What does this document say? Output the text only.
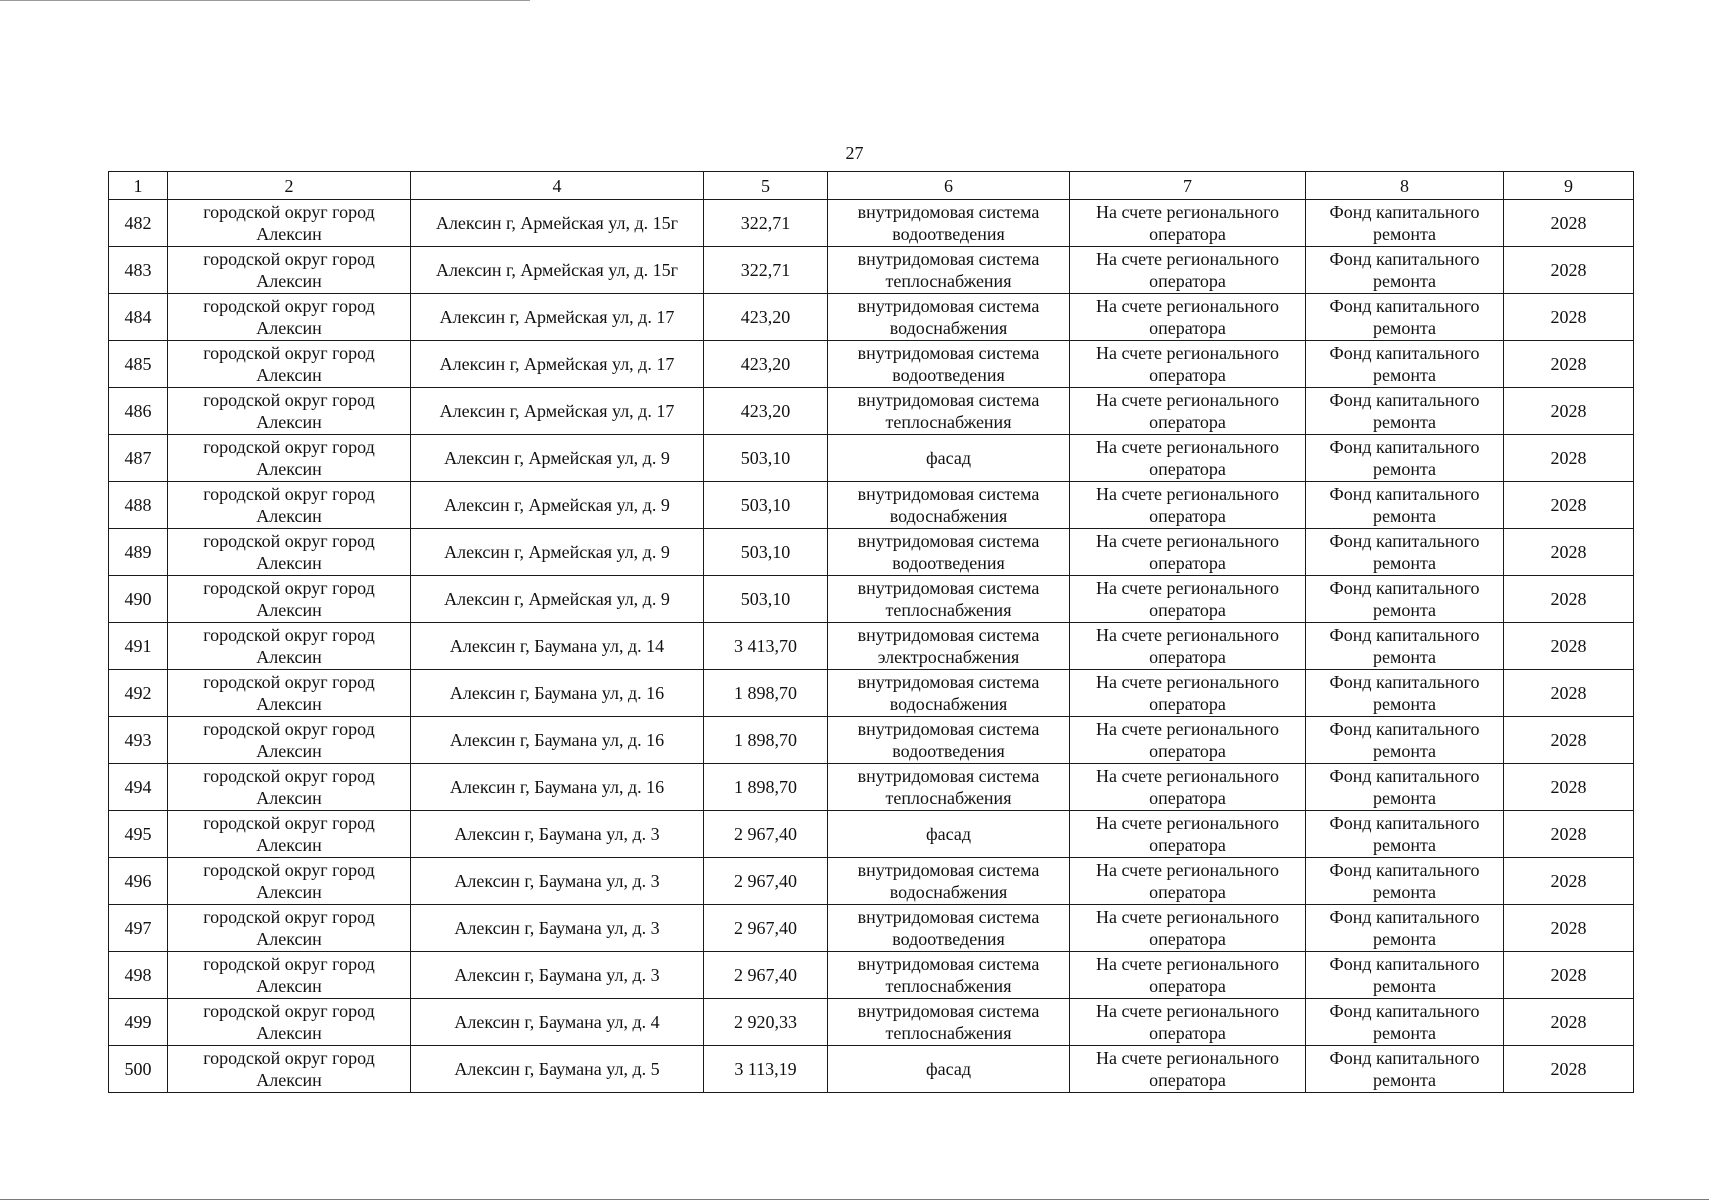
27
1	2	4	5	6	7	8	9
482	городской округ город Алексин	Алексин г, Армейская ул, д. 15г	322,71	внутридомовая система водоотведения	На счете регионального оператора	Фонд капитального ремонта	2028
483	городской округ город Алексин	Алексин г, Армейская ул, д. 15г	322,71	внутридомовая система теплоснабжения	На счете регионального оператора	Фонд капитального ремонта	2028
484	городской округ город Алексин	Алексин г, Армейская ул, д. 17	423,20	внутридомовая система водоснабжения	На счете регионального оператора	Фонд капитального ремонта	2028
485	городской округ город Алексин	Алексин г, Армейская ул, д. 17	423,20	внутридомовая система водоотведения	На счете регионального оператора	Фонд капитального ремонта	2028
486	городской округ город Алексин	Алексин г, Армейская ул, д. 17	423,20	внутридомовая система теплоснабжения	На счете регионального оператора	Фонд капитального ремонта	2028
487	городской округ город Алексин	Алексин г, Армейская ул, д. 9	503,10	фасад	На счете регионального оператора	Фонд капитального ремонта	2028
488	городской округ город Алексин	Алексин г, Армейская ул, д. 9	503,10	внутридомовая система водоснабжения	На счете регионального оператора	Фонд капитального ремонта	2028
489	городской округ город Алексин	Алексин г, Армейская ул, д. 9	503,10	внутридомовая система водоотведения	На счете регионального оператора	Фонд капитального ремонта	2028
490	городской округ город Алексин	Алексин г, Армейская ул, д. 9	503,10	внутридомовая система теплоснабжения	На счете регионального оператора	Фонд капитального ремонта	2028
491	городской округ город Алексин	Алексин г, Баумана ул, д. 14	3 413,70	внутридомовая система электроснабжения	На счете регионального оператора	Фонд капитального ремонта	2028
492	городской округ город Алексин	Алексин г, Баумана ул, д. 16	1 898,70	внутридомовая система водоснабжения	На счете регионального оператора	Фонд капитального ремонта	2028
493	городской округ город Алексин	Алексин г, Баумана ул, д. 16	1 898,70	внутридомовая система водоотведения	На счете регионального оператора	Фонд капитального ремонта	2028
494	городской округ город Алексин	Алексин г, Баумана ул, д. 16	1 898,70	внутридомовая система теплоснабжения	На счете регионального оператора	Фонд капитального ремонта	2028
495	городской округ город Алексин	Алексин г, Баумана ул, д. 3	2 967,40	фасад	На счете регионального оператора	Фонд капитального ремонта	2028
496	городской округ город Алексин	Алексин г, Баумана ул, д. 3	2 967,40	внутридомовая система водоснабжения	На счете регионального оператора	Фонд капитального ремонта	2028
497	городской округ город Алексин	Алексин г, Баумана ул, д. 3	2 967,40	внутридомовая система водоотведения	На счете регионального оператора	Фонд капитального ремонта	2028
498	городской округ город Алексин	Алексин г, Баумана ул, д. 3	2 967,40	внутридомовая система теплоснабжения	На счете регионального оператора	Фонд капитального ремонта	2028
499	городской округ город Алексин	Алексин г, Баумана ул, д. 4	2 920,33	внутридомовая система теплоснабжения	На счете регионального оператора	Фонд капитального ремонта	2028
500	городской округ город Алексин	Алексин г, Баумана ул, д. 5	3 113,19	фасад	На счете регионального оператора	Фонд капитального ремонта	2028
